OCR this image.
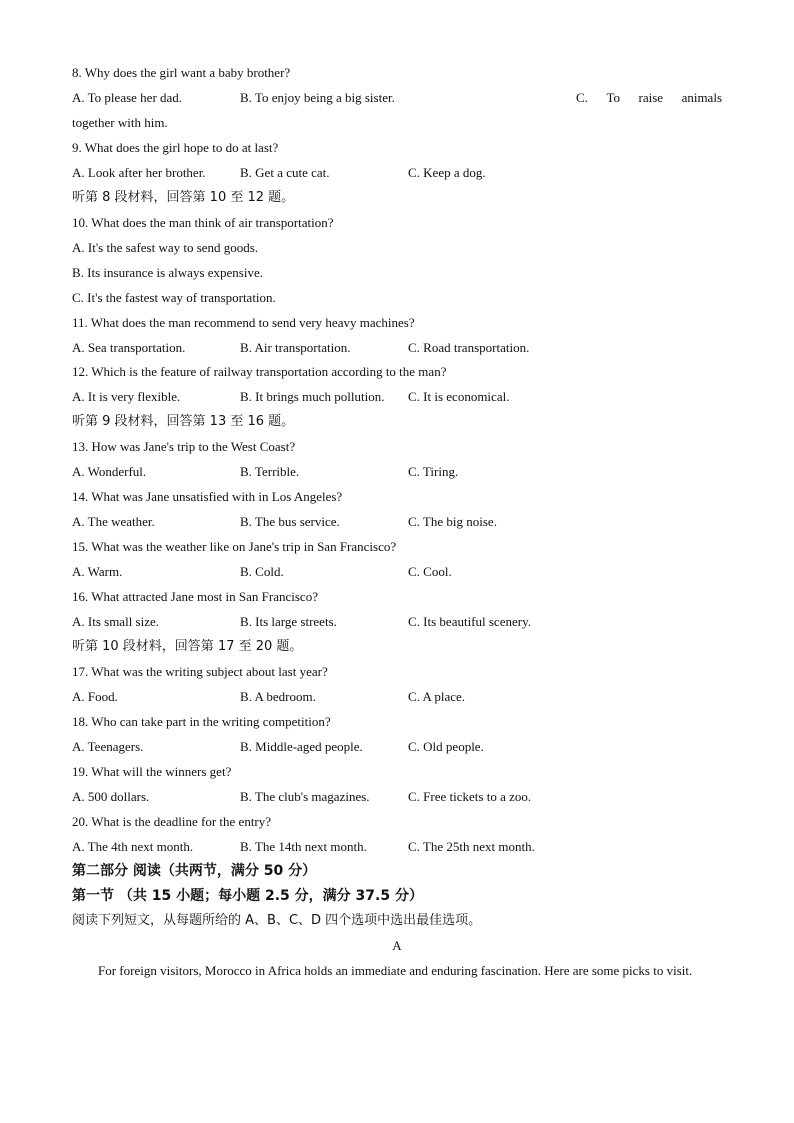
8. Why does the girl want a baby brother?
A. To please her dad.	B. To enjoy being a big sister.	C. To raise animals
together with him.
9. What does the girl hope to do at last?
A. Look after her brother.	B. Get a cute cat.	C. Keep a dog.
听第 8 段材料，回答第 10 至 12 题。
10. What does the man think of air transportation?
A. It's the safest way to send goods.
B. Its insurance is always expensive.
C. It's the fastest way of transportation.
11. What does the man recommend to send very heavy machines?
A. Sea transportation.	B. Air transportation.	C. Road transportation.
12. Which is the feature of railway transportation according to the man?
A. It is very flexible.	B. It brings much pollution. C. It is economical.
听第 9 段材料，回答第 13 至 16 题。
13. How was Jane's trip to the West Coast?
A. Wonderful.	B. Terrible.	C. Tiring.
14. What was Jane unsatisfied with in Los Angeles?
A. The weather.	B. The bus service.	C. The big noise.
15. What was the weather like on Jane's trip in San Francisco?
A. Warm.	B. Cold.	C. Cool.
16. What attracted Jane most in San Francisco?
A. Its small size.	B. Its large streets.	C. Its beautiful scenery.
听第 10 段材料，回答第 17 至 20 题。
17. What was the writing subject about last year?
A. Food.	B. A bedroom.	C. A place.
18. Who can take part in the writing competition?
A. Teenagers.	B. Middle-aged people.	C. Old people.
19. What will the winners get?
A. 500 dollars.	B. The club's magazines.	C. Free tickets to a zoo.
20. What is the deadline for the entry?
A. The 4th next month.	B. The 14th next month.	C. The 25th next month.
第二部分 阅读（共两节，满分 50 分）
第一节 （共 15 小题；每小题 2.5 分，满分 37.5 分）
阅读下列短文，从每题所给的 A、B、C、D 四个选项中选出最佳选项。
A
For foreign visitors, Morocco in Africa holds an immediate and enduring fascination. Here are some picks to visit.
